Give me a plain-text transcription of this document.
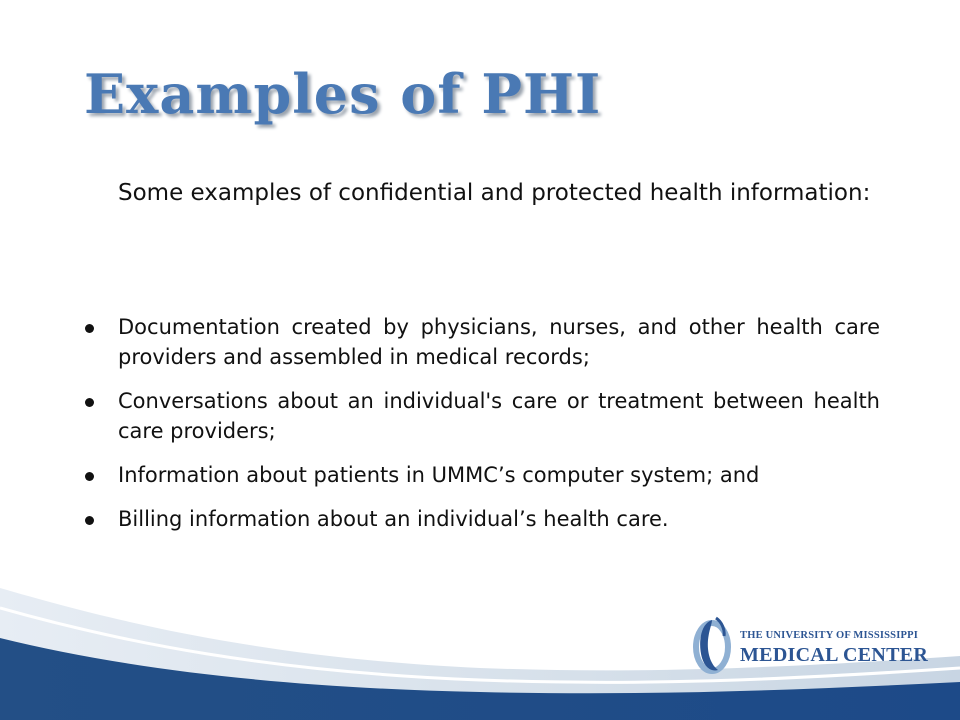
Examples of PHI

Some examples of confidential and protected health information:

Documentation created by physicians, nurses, and other health care providers and assembled in medical records;
Conversations about an individual's care or treatment between health care providers;
Information about patients in UMMC’s computer system; and
Billing information about an individual’s health care.
THE UNIVERSITY OF MISSISSIPPI
MEDICAL CENTER
